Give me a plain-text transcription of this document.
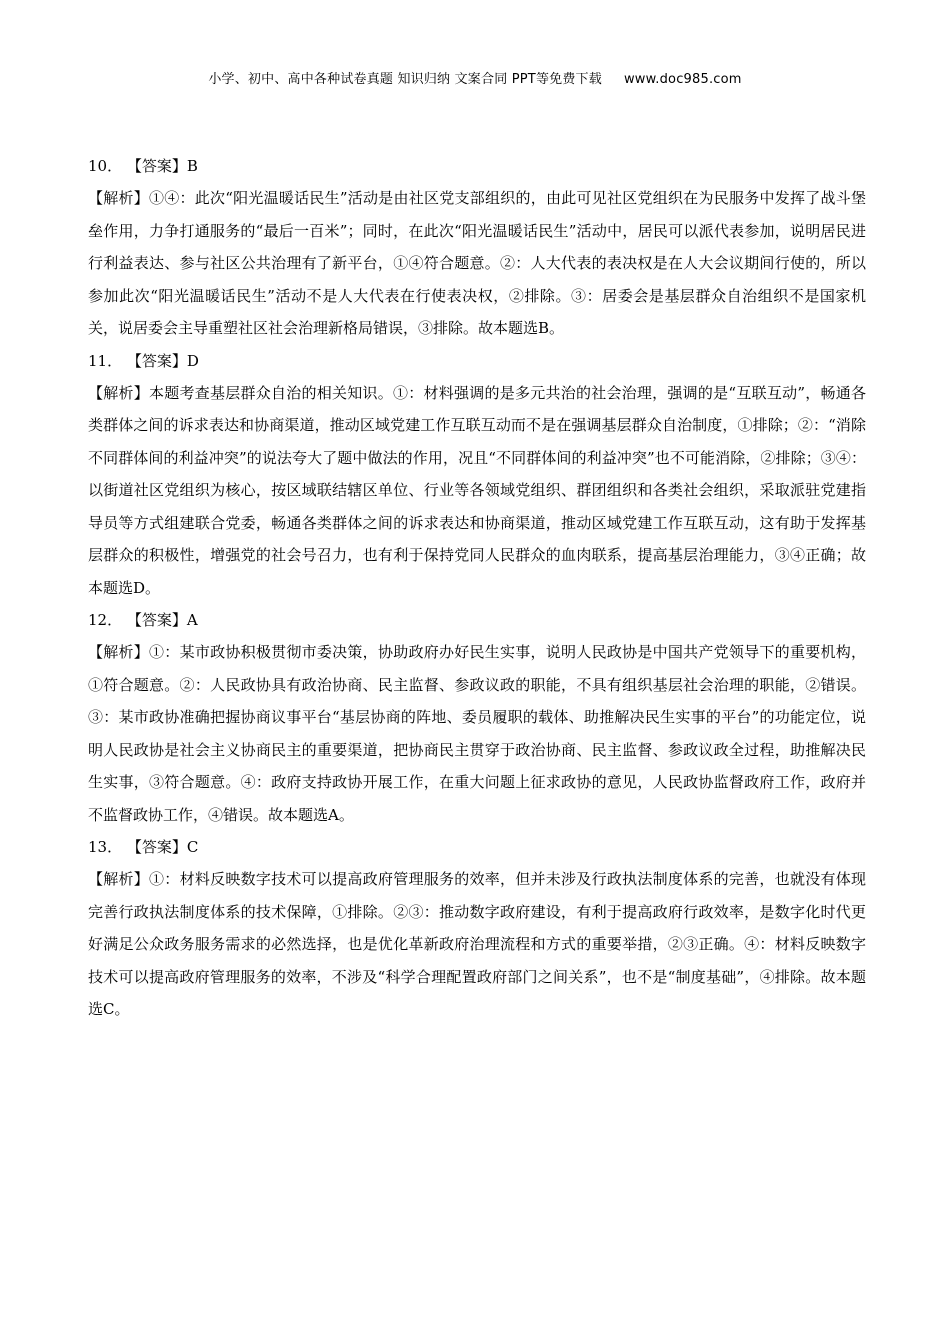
小学、初中、高中各种试卷真题 知识归纳 文案合同 PPT等免费下载 www.doc985.com
10． 【答案】B

【解析】①④：此次“阳光温暖话民生”活动是由社区党支部组织的，由此可见社区党组织在为民服务中发挥了战斗堡垒作用，力争打通服务的“最后一百米”；同时，在此次“阳光温暖话民生”活动中，居民可以派代表参加，说明居民进行利益表达、参与社区公共治理有了新平台，①④符合题意。②：人大代表的表决权是在人大会议期间行使的，所以参加此次“阳光温暖话民生”活动不是人大代表在行使表决权，②排除。③：居委会是基层群众自治组织不是国家机关，说居委会主导重塑社区社会治理新格局错误，③排除。故本题选B。

11． 【答案】D

【解析】本题考查基层群众自治的相关知识。①：材料强调的是多元共治的社会治理，强调的是“互联互动”，畅通各类群体之间的诉求表达和协商渠道，推动区域党建工作互联互动而不是在强调基层群众自治制度，①排除；②：“消除不同群体间的利益冲突”的说法夸大了题中做法的作用，况且“不同群体间的利益冲突”也不可能消除，②排除；③④：以街道社区党组织为核心，按区域联结辖区单位、行业等各领域党组织、群团组织和各类社会组织，采取派驻党建指导员等方式组建联合党委，畅通各类群体之间的诉求表达和协商渠道，推动区域党建工作互联互动，这有助于发挥基层群众的积极性，增强党的社会号召力，也有利于保持党同人民群众的血肉联系，提高基层治理能力，③④正确；故本题选D。

12． 【答案】A

【解析】①：某市政协积极贯彻市委决策，协助政府办好民生实事，说明人民政协是中国共产党领导下的重要机构，①符合题意。②：人民政协具有政治协商、民主监督、参政议政的职能，不具有组织基层社会治理的职能，②错误。③：某市政协准确把握协商议事平台“基层协商的阵地、委员履职的载体、助推解决民生实事的平台”的功能定位，说明人民政协是社会主义协商民主的重要渠道，把协商民主贯穿于政治协商、民主监督、参政议政全过程，助推解决民生实事，③符合题意。④：政府支持政协开展工作，在重大问题上征求政协的意见，人民政协监督政府工作，政府并不监督政协工作，④错误。故本题选A。

13． 【答案】C

【解析】①：材料反映数字技术可以提高政府管理服务的效率，但并未涉及行政执法制度体系的完善，也就没有体现完善行政执法制度体系的技术保障，①排除。②③：推动数字政府建设，有利于提高政府行政效率，是数字化时代更好满足公众政务服务需求的必然选择，也是优化革新政府治理流程和方式的重要举措，②③正确。④：材料反映数字技术可以提高政府管理服务的效率，不涉及“科学合理配置政府部门之间关系”，也不是“制度基础”，④排除。故本题选C。
